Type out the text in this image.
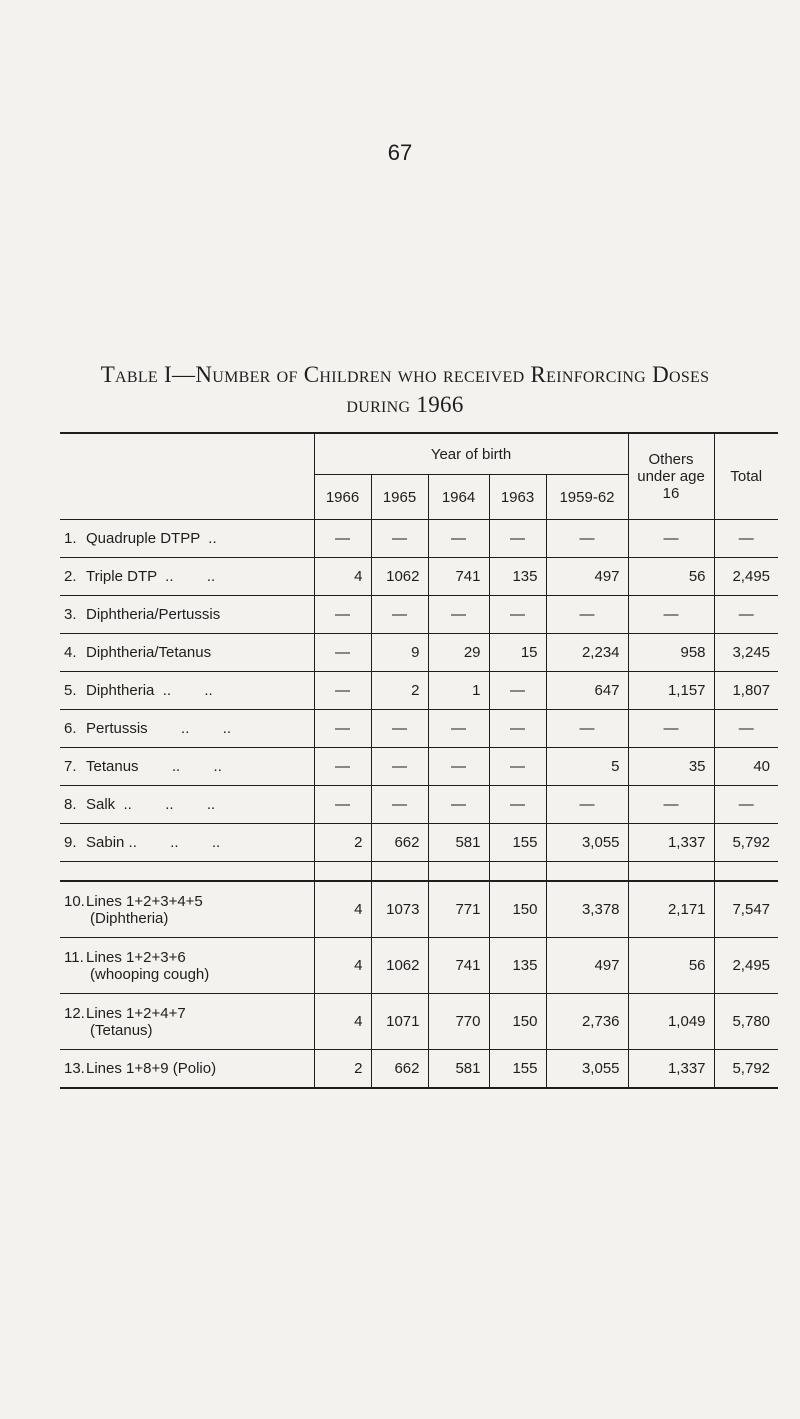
67
Table I—Number of Children who received Reinforcing Doses
during 1966
	Year of birth					Others under age 16	Total
	1966	1965	1964	1963	1959-62		
1. Quadruple DTPP  ..	—	—	—	—	—	—	—
2. Triple DTP  ..        ..	4	1062	741	135	497	56	2,495
3. Diphtheria/Pertussis	—	—	—	—	—	—	—
4. Diphtheria/Tetanus	—	9	29	15	2,234	958	3,245
5. Diphtheria  ..        ..	—	2	1	—	647	1,157	1,807
6. Pertussis        ..        ..	—	—	—	—	—	—	—
7. Tetanus        ..        ..	—	—	—	—	5	35	40
8. Salk  ..        ..        ..	—	—	—	—	—	—	—
9. Sabin ..        ..        ..	2	662	581	155	3,055	1,337	5,792

10.Lines 1+2+3+4+5
(Diphtheria)	4	1073	771	150	3,378	2,171	7,547
11. Lines 1+2+3+6
(whooping cough)	4	1062	741	135	497	56	2,495
12.Lines 1+2+4+7
(Tetanus)	4	1071	770	150	2,736	1,049	5,780
13.Lines 1+8+9 (Polio)	2	662	581	155	3,055	1,337	5,792
